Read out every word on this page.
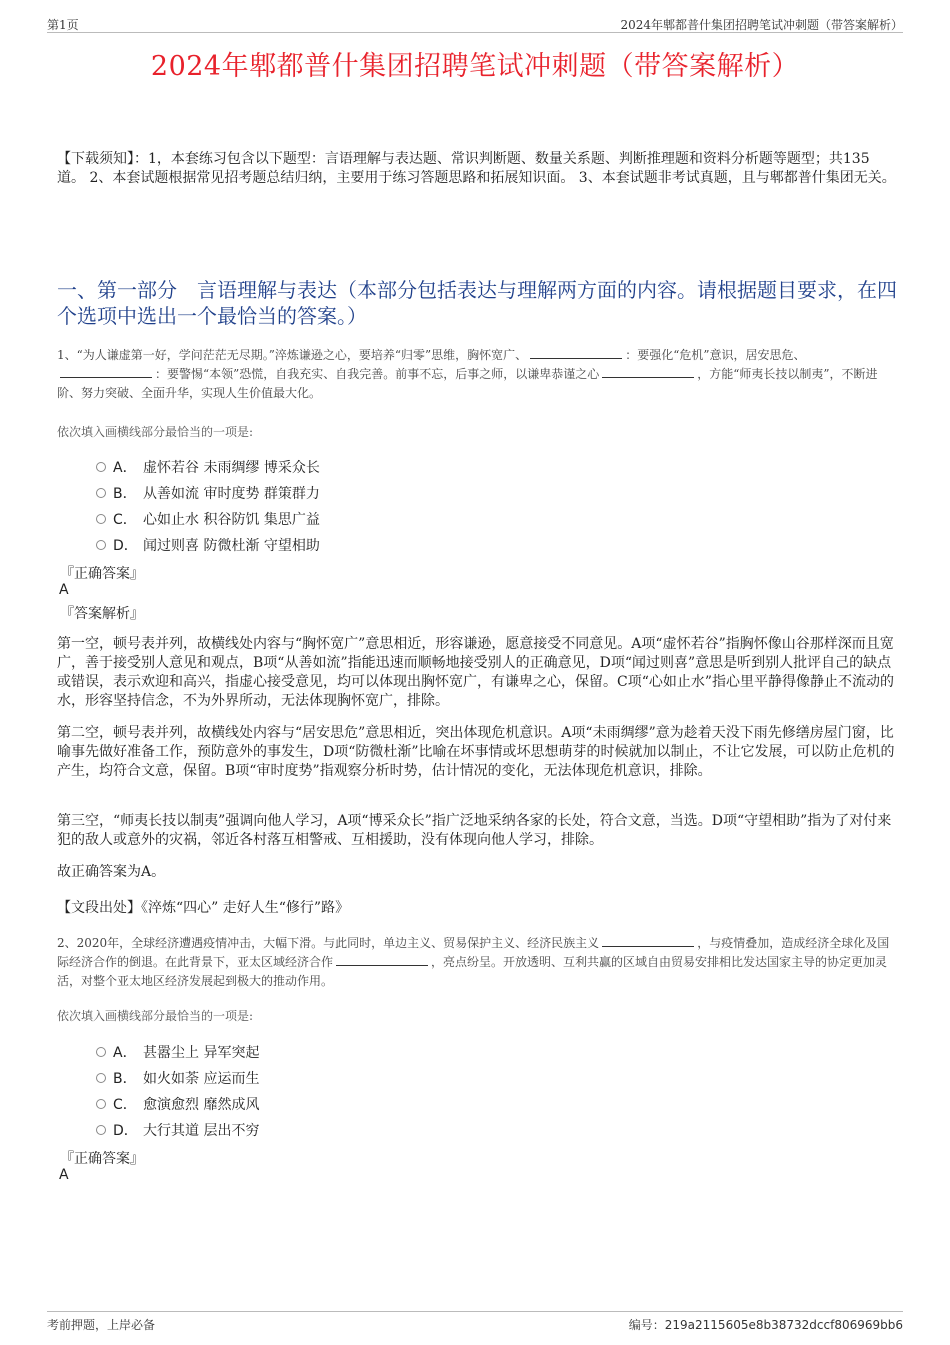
第1页	2024年郫都普什集团招聘笔试冲刺题（带答案解析）
2024年郫都普什集团招聘笔试冲刺题（带答案解析）
【下载须知】：1，本套练习包含以下题型：言语理解与表达题、常识判断题、数量关系题、判断推理题和资料分析题等题型；共135道。 2、本套试题根据常见招考题总结归纳，主要用于练习答题思路和拓展知识面。 3、本套试题非考试真题，且与郫都普什集团无关。
一、第一部分　言语理解与表达（本部分包括表达与理解两方面的内容。请根据题目要求，在四个选项中选出一个最恰当的答案。）
1、“为人谦虚第一好，学问茫茫无尽期。”淬炼谦逊之心，要培养“归零”思维，胸怀宽广、	：要强化“危机”意识，居安思危、：要警惕“本领”恐慌，自我充实、自我完善。前事不忘，后事之师，以谦卑恭谨之心	，方能“师夷长技以制夷”，不断进阶、努力突破、全面升华，实现人生价值最大化。
依次填入画横线部分最恰当的一项是:
A． 虚怀若谷 未雨绸缪 博采众长
B． 从善如流 审时度势 群策群力
C． 心如止水 积谷防饥 集思广益
D． 闻过则喜 防微杜渐 守望相助
『正确答案』
A
『答案解析』
第一空，顿号表并列，故横线处内容与“胸怀宽广”意思相近，形容谦逊，愿意接受不同意见。A项“虚怀若谷”指胸怀像山谷那样深而且宽广，善于接受别人意见和观点，B项“从善如流”指能迅速而顺畅地接受别人的正确意见，D项“闻过则喜”意思是听到别人批评自己的缺点或错误，表示欢迎和高兴，指虚心接受意见，均可以体现出胸怀宽广，有谦卑之心，保留。C项“心如止水”指心里平静得像静止不流动的水，形容坚持信念，不为外界所动，无法体现胸怀宽广，排除。
第二空，顿号表并列，故横线处内容与“居安思危”意思相近，突出体现危机意识。A项“未雨绸缪”意为趁着天没下雨先修缮房屋门窗，比喻事先做好准备工作，预防意外的事发生，D项“防微杜渐”比喻在坏事情或坏思想萌芽的时候就加以制止，不让它发展，可以防止危机的产生，均符合文意，保留。B项“审时度势”指观察分析时势，估计情况的变化，无法体现危机意识，排除。
第三空，“师夷长技以制夷”强调向他人学习，A项“博采众长”指广泛地采纳各家的长处，符合文意，当选。D项“守望相助”指为了对付来犯的敌人或意外的灾祸，邻近各村落互相警戒、互相援助，没有体现向他人学习，排除。
故正确答案为A。
【文段出处】《淬炼“四心” 走好人生“修行”路》
2、2020年，全球经济遭遇疫情冲击，大幅下滑。与此同时，单边主义、贸易保护主义、经济民族主义	，与疫情叠加，造成经济全球化及国际经济合作的倒退。在此背景下，亚太区域经济合作	，亮点纷呈。开放透明、互利共赢的区域自由贸易安排相比发达国家主导的协定更加灵活，对整个亚太地区经济发展起到极大的推动作用。
依次填入画横线部分最恰当的一项是:
A． 甚嚣尘上 异军突起
B． 如火如荼 应运而生
C． 愈演愈烈 靡然成风
D． 大行其道 层出不穷
『正确答案』
A
考前押题，上岸必备	编号：219a2115605e8b38732dccf806969bb6
